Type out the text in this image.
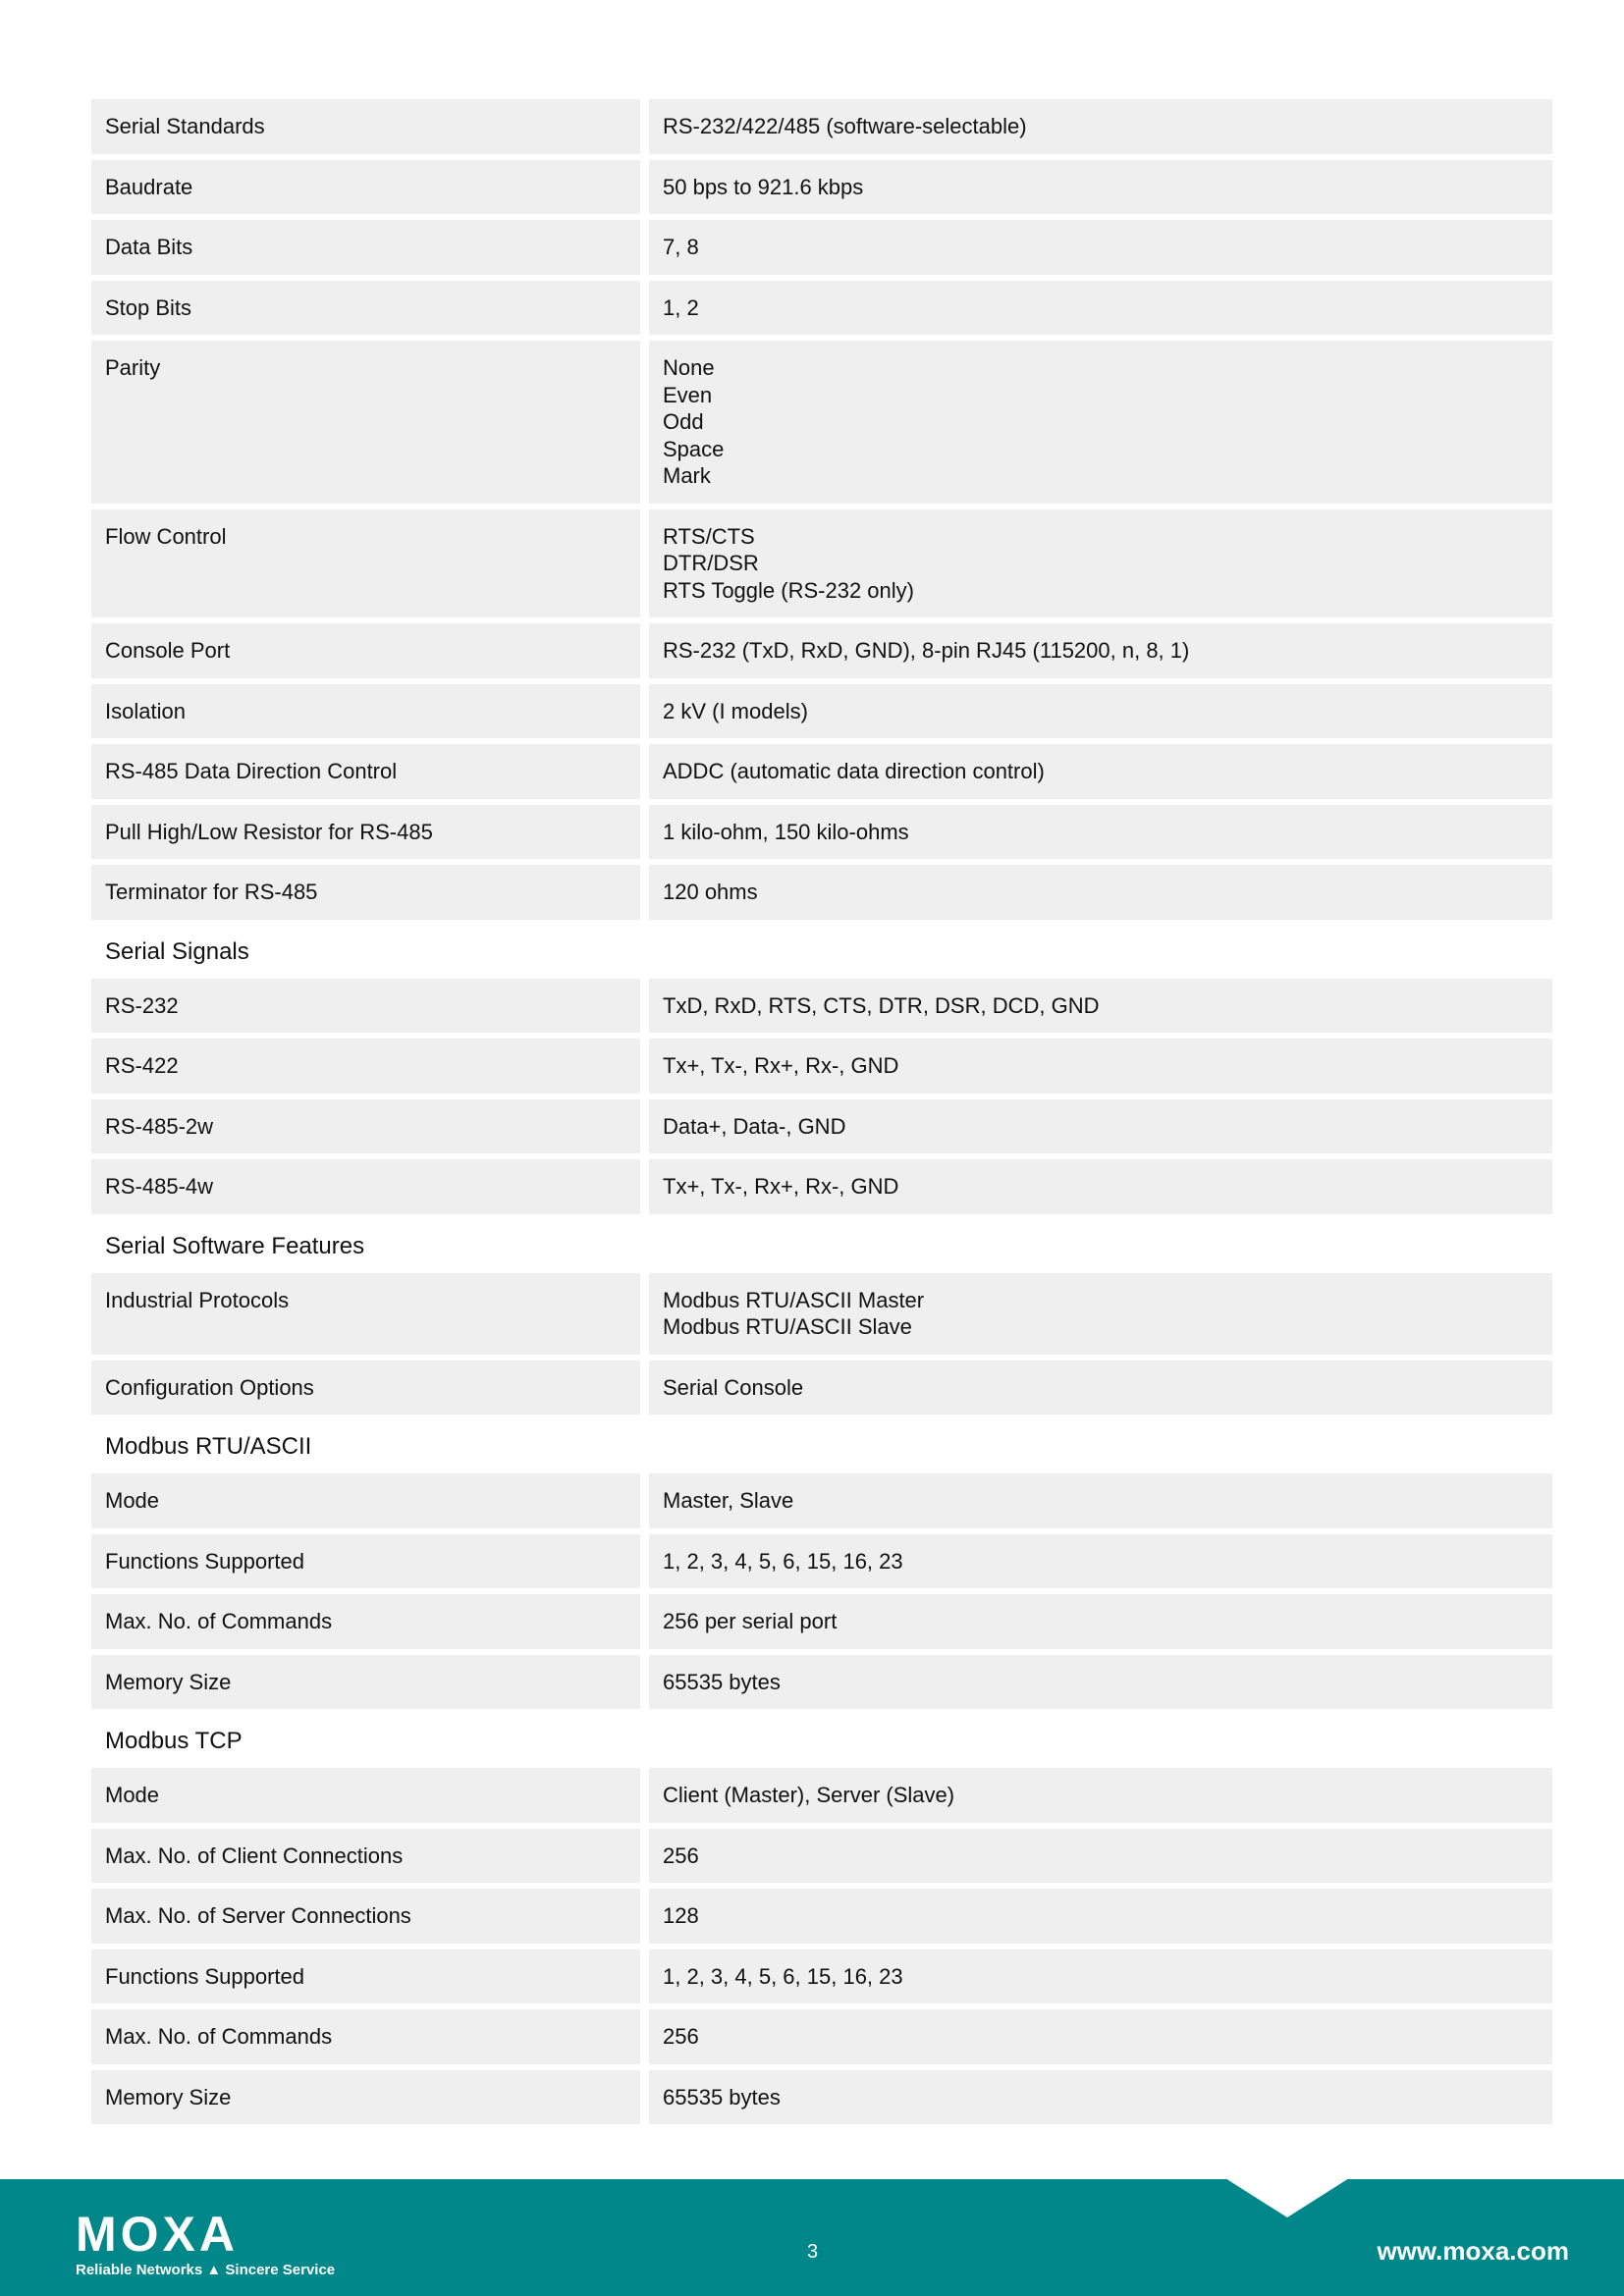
Serial Standards	RS-232/422/485 (software-selectable)
Baudrate	50 bps to 921.6 kbps
Data Bits	7, 8
Stop Bits	1, 2
Parity	None
Even
Odd
Space
Mark
Flow Control	RTS/CTS
DTR/DSR
RTS Toggle (RS-232 only)
Console Port	RS-232 (TxD, RxD, GND), 8-pin RJ45 (115200, n, 8, 1)
Isolation	2 kV (I models)
RS-485 Data Direction Control	ADDC (automatic data direction control)
Pull High/Low Resistor for RS-485	1 kilo-ohm, 150 kilo-ohms
Terminator for RS-485	120 ohms
Serial Signals
RS-232	TxD, RxD, RTS, CTS, DTR, DSR, DCD, GND
RS-422	Tx+, Tx-, Rx+, Rx-, GND
RS-485-2w	Data+, Data-, GND
RS-485-4w	Tx+, Tx-, Rx+, Rx-, GND
Serial Software Features
Industrial Protocols	Modbus RTU/ASCII Master
Modbus RTU/ASCII Slave
Configuration Options	Serial Console
Modbus RTU/ASCII
Mode	Master, Slave
Functions Supported	1, 2, 3, 4, 5, 6, 15, 16, 23
Max. No. of Commands	256 per serial port
Memory Size	65535 bytes
Modbus TCP
Mode	Client (Master), Server (Slave)
Max. No. of Client Connections	256
Max. No. of Server Connections	128
Functions Supported	1, 2, 3, 4, 5, 6, 15, 16, 23
Max. No. of Commands	256
Memory Size	65535 bytes
MOXA
Reliable Networks ▲ Sincere Service
3	www.moxa.com
